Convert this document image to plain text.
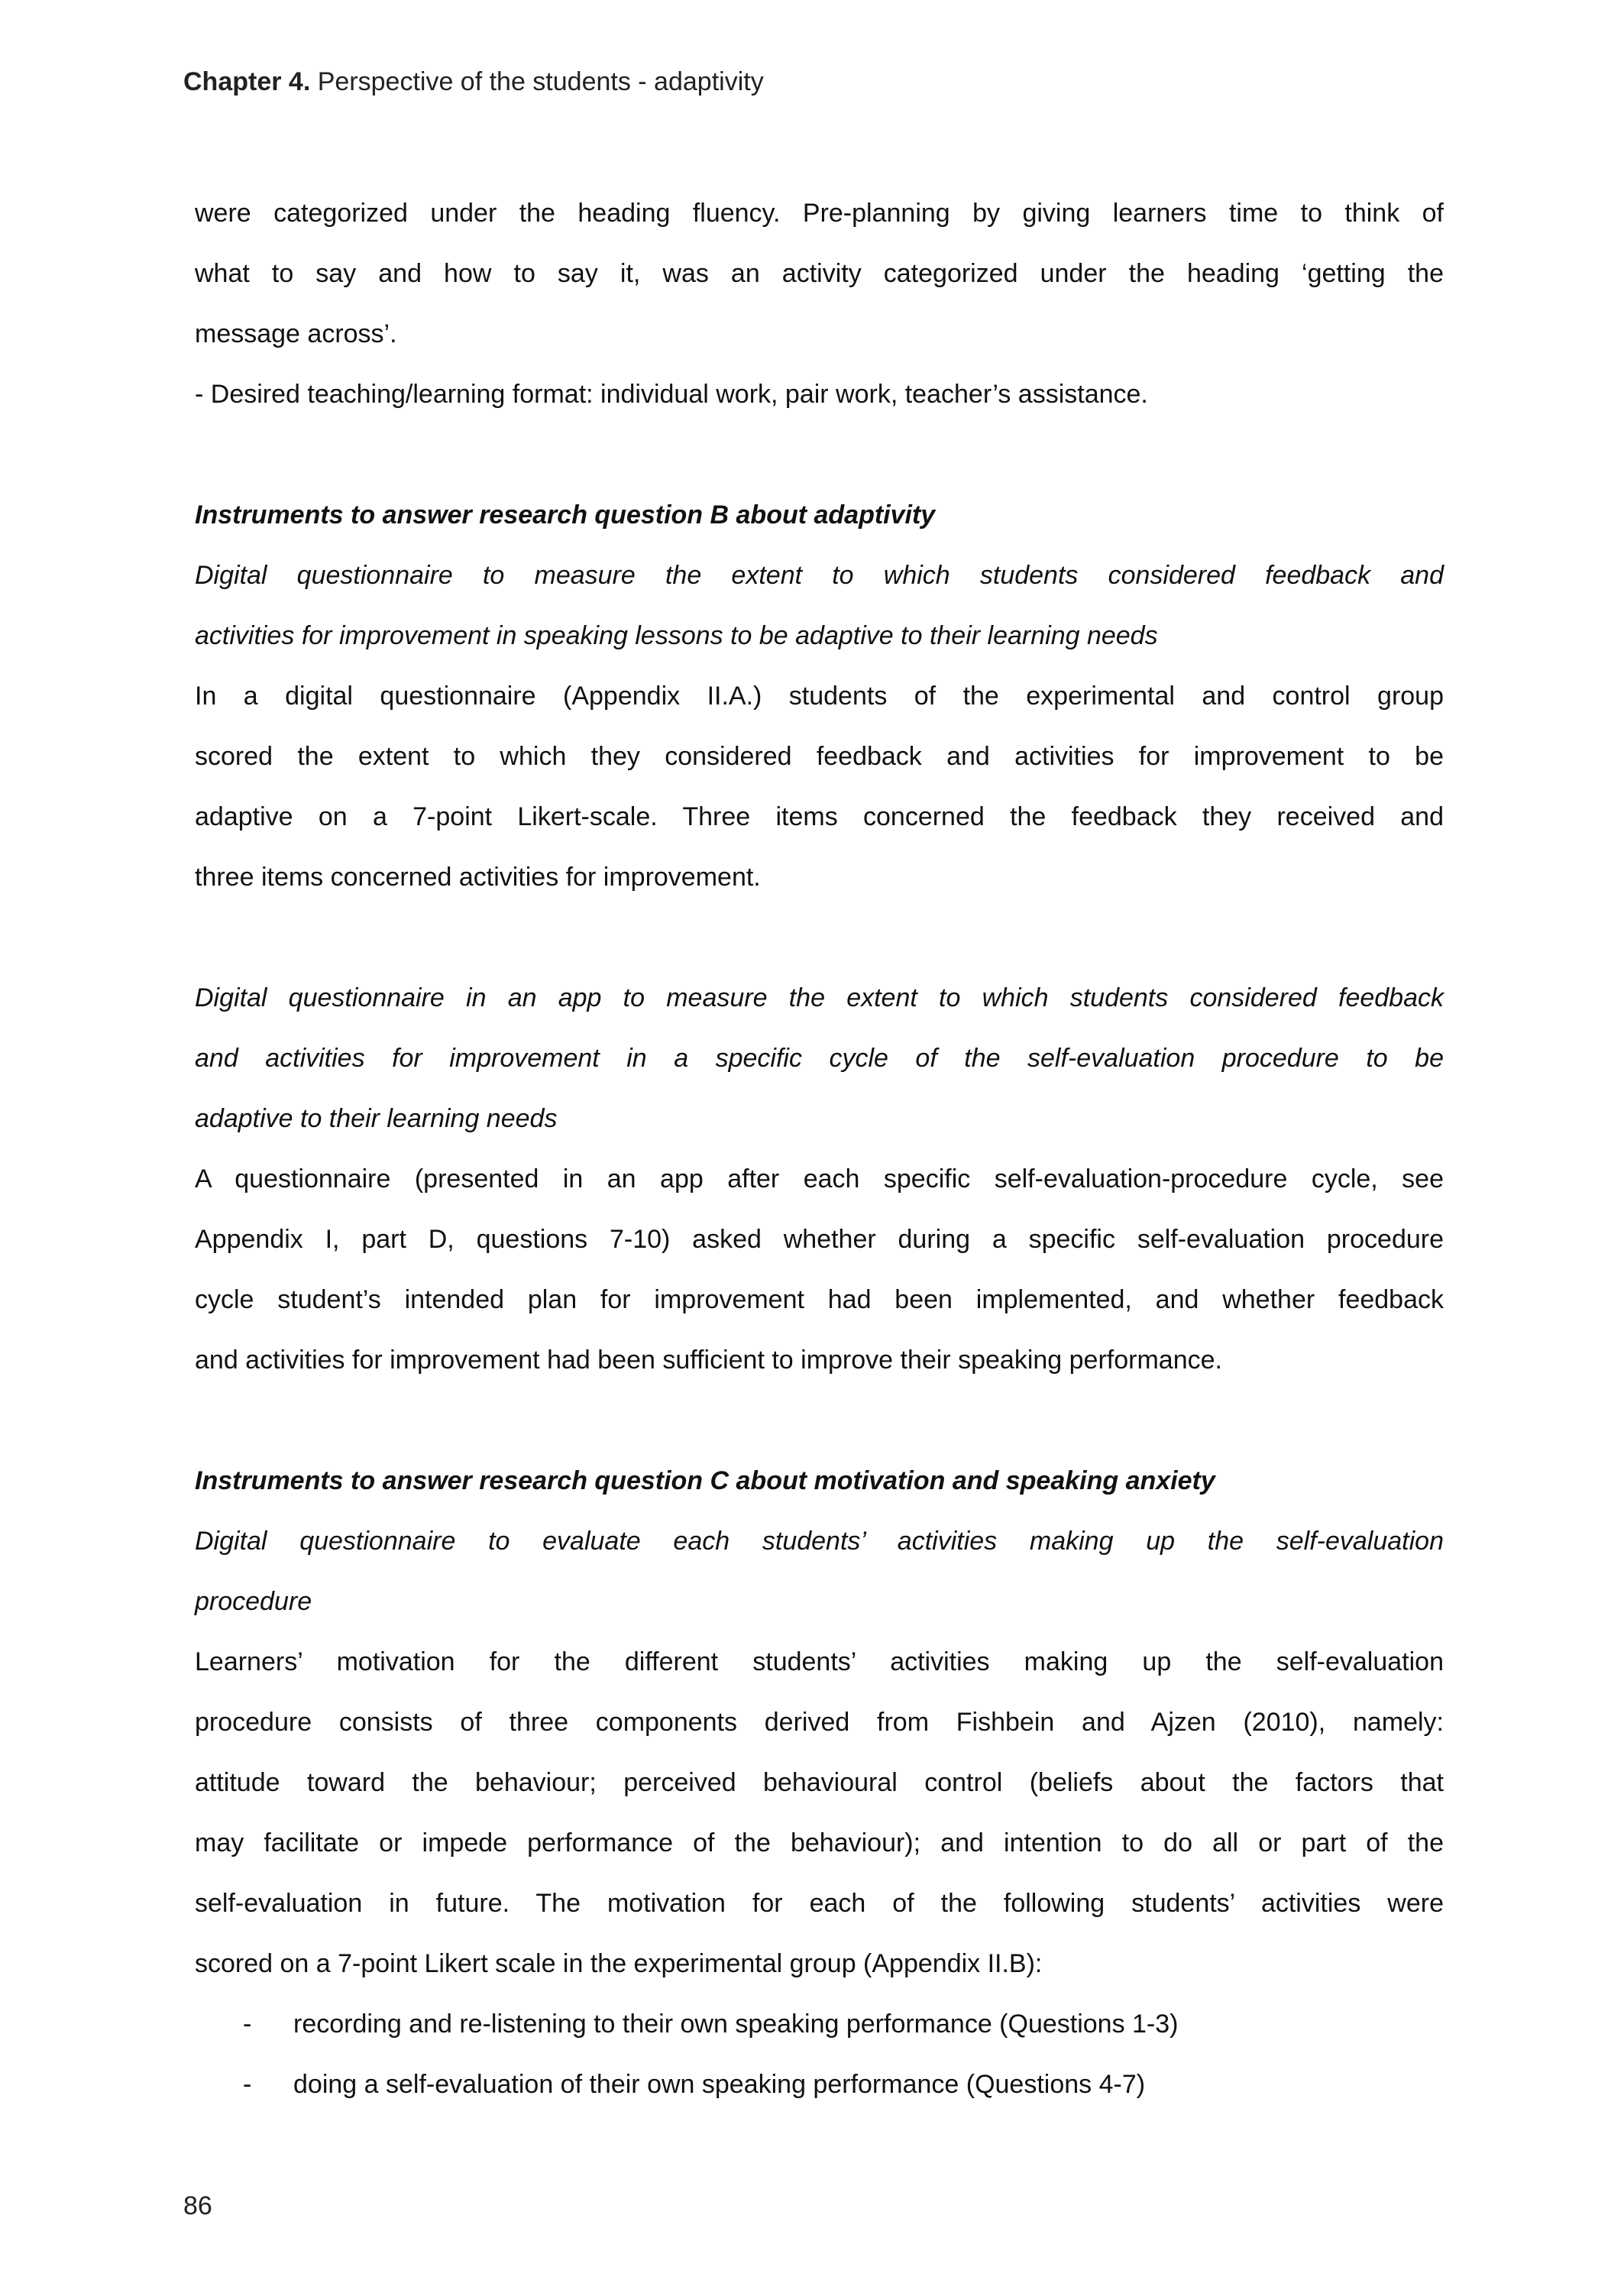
Chapter 4. Perspective of the students - adaptivity
were categorized under the heading fluency. Pre-planning by giving learners time to think of
what to say and how to say it, was an activity categorized under the heading ‘getting the
message across’.
- Desired teaching/learning format: individual work, pair work, teacher’s assistance.
Instruments to answer research question B about adaptivity
Digital questionnaire to measure the extent to which students considered feedback and
activities for improvement in speaking lessons to be adaptive to their learning needs
In a digital questionnaire (Appendix II.A.) students of the experimental and control group
scored the extent to which they considered feedback and activities for improvement to be
adaptive on a 7-point Likert-scale. Three items concerned the feedback they received and
three items concerned activities for improvement.
Digital questionnaire in an app to measure the extent to which students considered feedback
and activities for improvement in a specific cycle of the self-evaluation procedure to be
adaptive to their learning needs
A questionnaire (presented in an app after each specific self-evaluation-procedure cycle, see
Appendix I, part D, questions 7-10) asked whether during a specific self-evaluation procedure
cycle student’s intended plan for improvement had been implemented, and whether feedback
and activities for improvement had been sufficient to improve their speaking performance.
Instruments to answer research question C about motivation and speaking anxiety
Digital questionnaire to evaluate each students’ activities making up the self-evaluation
procedure
Learners’ motivation for the different students’ activities making up the self-evaluation
procedure consists of three components derived from Fishbein and Ajzen (2010), namely:
attitude toward the behaviour; perceived behavioural control (beliefs about the factors that
may facilitate or impede performance of the behaviour); and intention to do all or part of the
self-evaluation in future. The motivation for each of the following students’ activities were
scored on a 7-point Likert scale in the experimental group (Appendix II.B):
- recording and re-listening to their own speaking performance (Questions 1-3)
- doing a self-evaluation of their own speaking performance (Questions 4-7)
86
